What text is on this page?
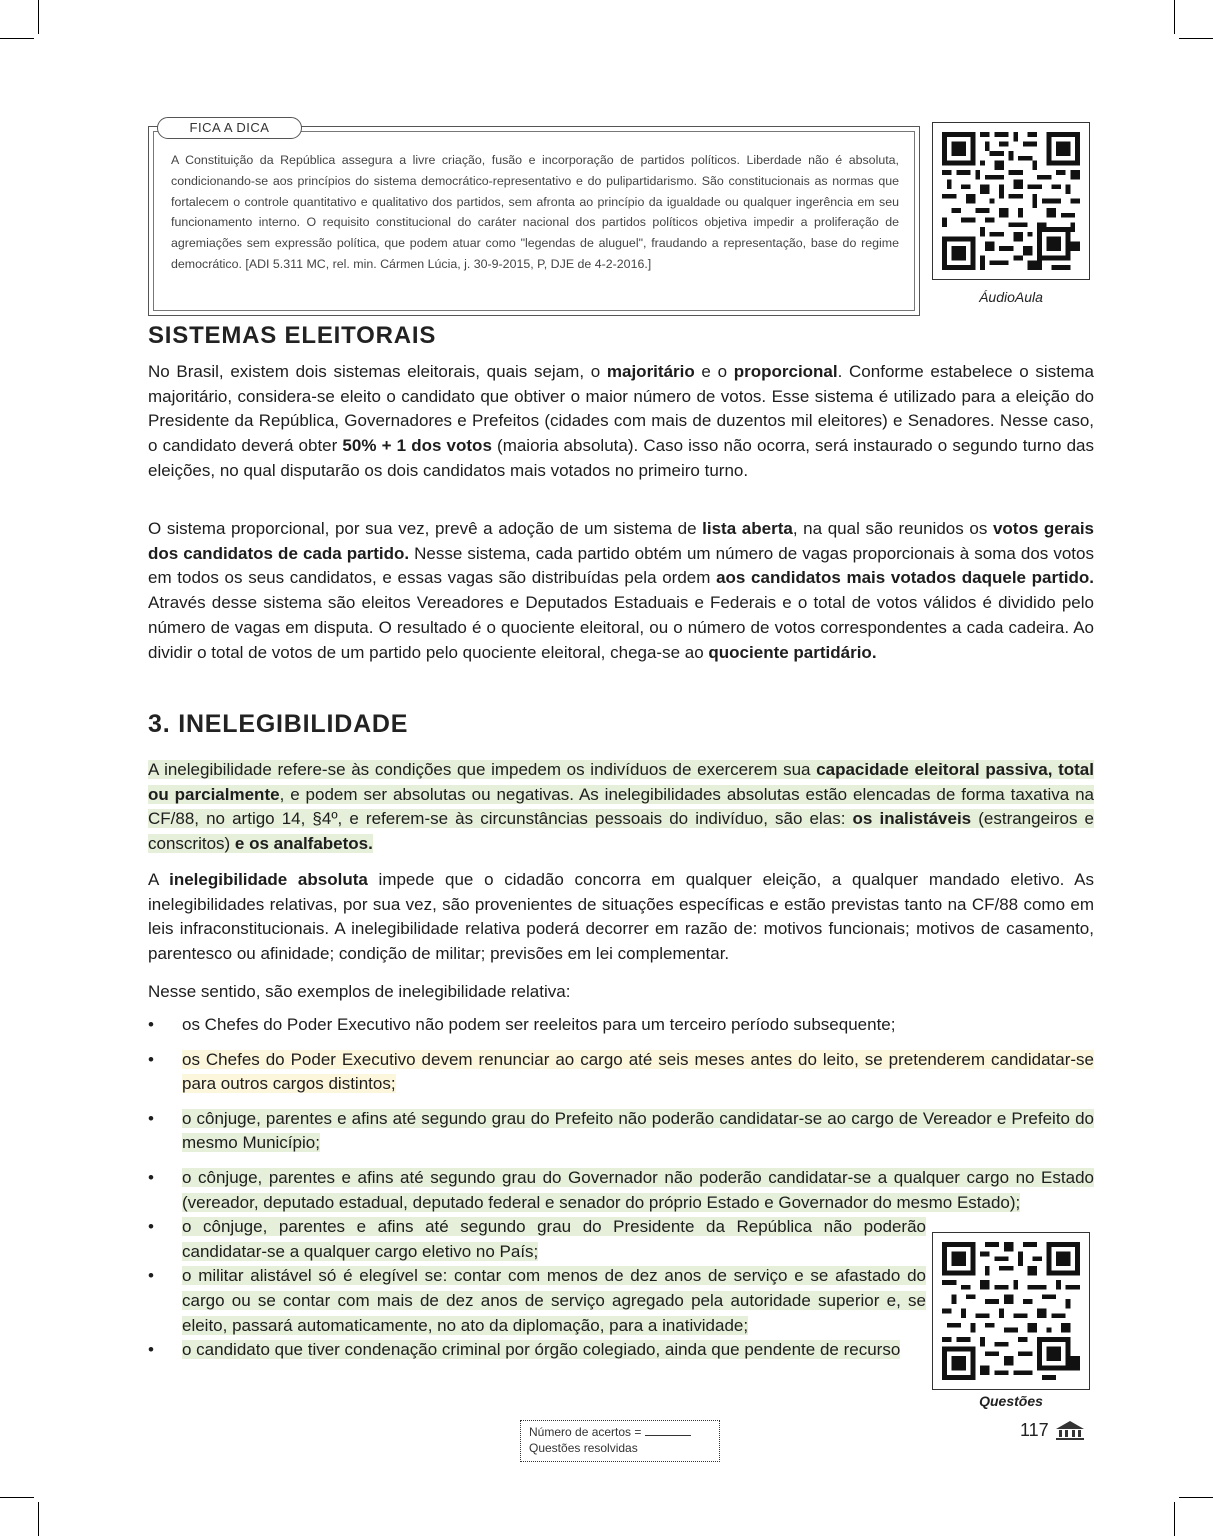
FICA A DICA

A Constituição da República assegura a livre criação, fusão e incorporação de partidos políticos. Liberdade não é absoluta, condicionando-se aos princípios do sistema democrático-representativo e do pulipartidarismo. São constitucionais as normas que fortalecem o controle quantitativo e qualitativo dos partidos, sem afronta ao princípio da igualdade ou qualquer ingerência em seu funcionamento interno. O requisito constitucional do caráter nacional dos partidos políticos objetiva impedir a proliferação de agremiações sem expressão política, que podem atuar como "legendas de aluguel", fraudando a representação, base do regime democrático. [ADI 5.311 MC, rel. min. Cármen Lúcia, j. 30-9-2015, P, DJE de 4-2-2016.]

ÁudioAula
SISTEMAS ELEITORAIS

No Brasil, existem dois sistemas eleitorais, quais sejam, o majoritário e o proporcional. Conforme estabelece o sistema majoritário, considera-se eleito o candidato que obtiver o maior número de votos. Esse sistema é utilizado para a eleição do Presidente da República, Governadores e Prefeitos (cidades com mais de duzentos mil eleitores) e Senadores. Nesse caso, o candidato deverá obter 50% + 1 dos votos (maioria absoluta). Caso isso não ocorra, será instaurado o segundo turno das eleições, no qual disputarão os dois candidatos mais votados no primeiro turno.

O sistema proporcional, por sua vez, prevê a adoção de um sistema de lista aberta, na qual são reunidos os votos gerais dos candidatos de cada partido. Nesse sistema, cada partido obtém um número de vagas proporcionais à soma dos votos em todos os seus candidatos, e essas vagas são distribuídas pela ordem aos candidatos mais votados daquele partido. Através desse sistema são eleitos Vereadores e Deputados Estaduais e Federais e o total de votos válidos é dividido pelo número de vagas em disputa. O resultado é o quociente eleitoral, ou o número de votos correspondentes a cada cadeira. Ao dividir o total de votos de um partido pelo quociente eleitoral, chega-se ao quociente partidário.

3. INELEGIBILIDADE

A inelegibilidade refere-se às condições que impedem os indivíduos de exercerem sua capacidade eleitoral passiva, total ou parcialmente, e podem ser absolutas ou negativas. As inelegibilidades absolutas estão elencadas de forma taxativa na CF/88, no artigo 14, §4º, e referem-se às circunstâncias pessoais do indivíduo, são elas: os inalistáveis (estrangeiros e conscritos) e os analfabetos.

A inelegibilidade absoluta impede que o cidadão concorra em qualquer eleição, a qualquer mandado eletivo. As inelegibilidades relativas, por sua vez, são provenientes de situações específicas e estão previstas tanto na CF/88 como em leis infraconstitucionais. A inelegibilidade relativa poderá decorrer em razão de: motivos funcionais; motivos de casamento, parentesco ou afinidade; condição de militar; previsões em lei complementar.

Nesse sentido, são exemplos de inelegibilidade relativa:

•	os Chefes do Poder Executivo não podem ser reeleitos para um terceiro período subsequente;
•	os Chefes do Poder Executivo devem renunciar ao cargo até seis meses antes do leito, se pretenderem candidatar-se para outros cargos distintos;
•	o cônjuge, parentes e afins até segundo grau do Prefeito não poderão candidatar-se ao cargo de Vereador e Prefeito do mesmo Município;
•	o cônjuge, parentes e afins até segundo grau do Governador não poderão candidatar-se a qualquer cargo no Estado (vereador, deputado estadual, deputado federal e senador do próprio Estado e Governador do mesmo Estado);
•	o cônjuge, parentes e afins até segundo grau do Presidente da República não poderão candidatar-se a qualquer cargo eletivo no País;
•	o militar alistável só é elegível se: contar com menos de dez anos de serviço e se afastado do cargo ou se contar com mais de dez anos de serviço agregado pela autoridade superior e, se eleito, passará automaticamente, no ato da diplomação, para a inatividade;
•	o candidato que tiver condenação criminal por órgão colegiado, ainda que pendente de recurso
Questões
Número de acertos =
Questões resolvidas
117
